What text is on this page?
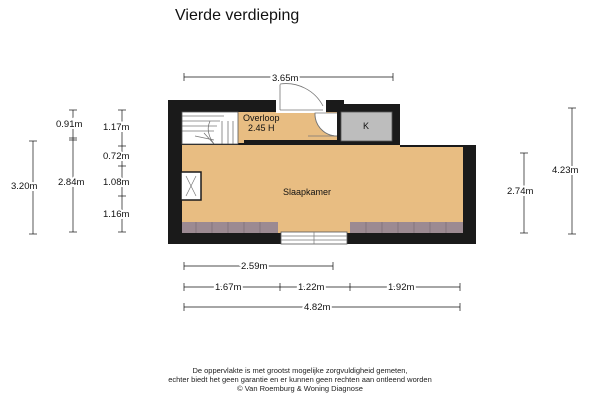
Vierde verdieping
K
Overloop
2.45 H
Slaapkamer
3.65m
0.91m 1.17m
0.72m
1.08m
1.16m
3.20m 2.84m
2.74m
4.23m
2.59m
1.67m	1.22m	1.92m
4.82m
De oppervlakte is met grootst mogelijke zorgvuldigheid gemeten,
echter biedt het geen garantie en er kunnen geen rechten aan ontleend worden
© Van Roemburg & Woning Diagnose
